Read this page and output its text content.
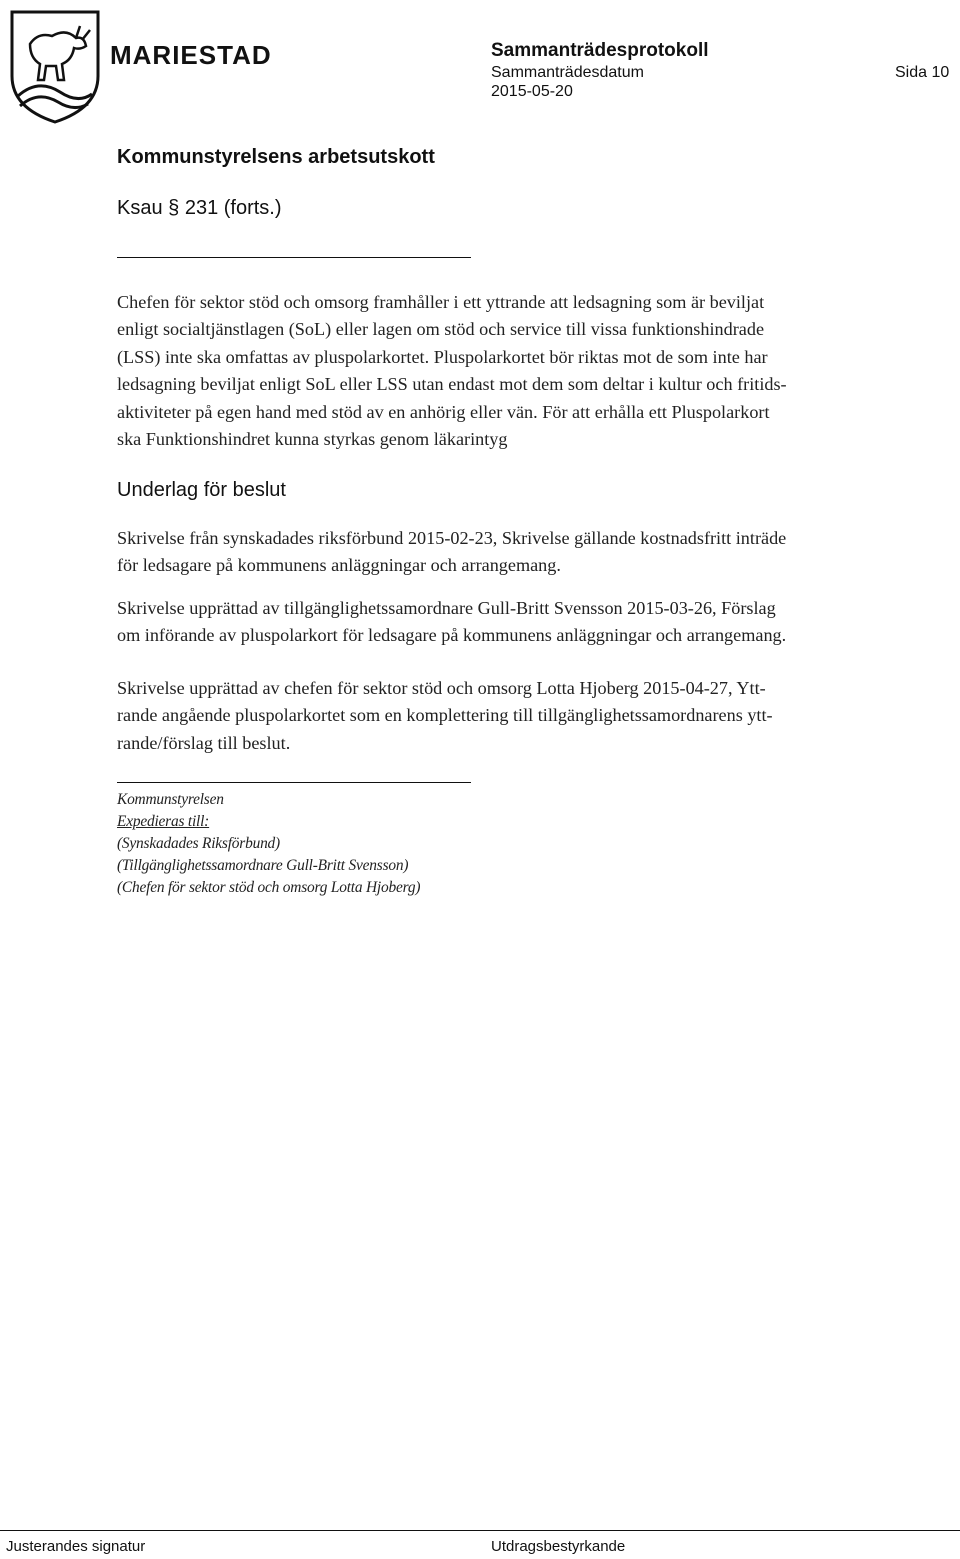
MARIESTAD	Sammanträdesprotokoll
Sammanträdesdatum	Sida 10
2015-05-20
Kommunstyrelsens arbetsutskott
Ksau § 231 (forts.)
Chefen för sektor stöd och omsorg framhåller i ett yttrande att ledsagning som är beviljat
enligt socialtjänstlagen (SoL) eller lagen om stöd och service till vissa funktionshindrade
(LSS) inte ska omfattas av pluspolarkortet. Pluspolarkortet bör riktas mot de som inte har
ledsagning beviljat enligt SoL eller LSS utan endast mot dem som deltar i kultur och fritids-
aktiviteter på egen hand med stöd av en anhörig eller vän. För att erhålla ett Pluspolarkort
ska Funktionshindret kunna styrkas genom läkarintyg
Underlag för beslut
Skrivelse från synskadades riksförbund 2015-02-23, Skrivelse gällande kostnadsfritt inträde
för ledsagare på kommunens anläggningar och arrangemang.
Skrivelse upprättad av tillgänglighetssamordnare Gull-Britt Svensson 2015-03-26, Förslag
om införande av pluspolarkort för ledsagare på kommunens anläggningar och arrangemang.
Skrivelse upprättad av chefen för sektor stöd och omsorg Lotta Hjoberg 2015-04-27, Ytt-
rande angående pluspolarkortet som en komplettering till tillgänglighetssamordnarens ytt-
rande/förslag till beslut.
Kommunstyrelsen
Expedieras till:
(Synskadades Riksförbund)
(Tillgänglighetssamordnare Gull-Britt Svensson)
(Chefen för sektor stöd och omsorg Lotta Hjoberg)
Justerandes signatur	Utdragsbestyrkande
